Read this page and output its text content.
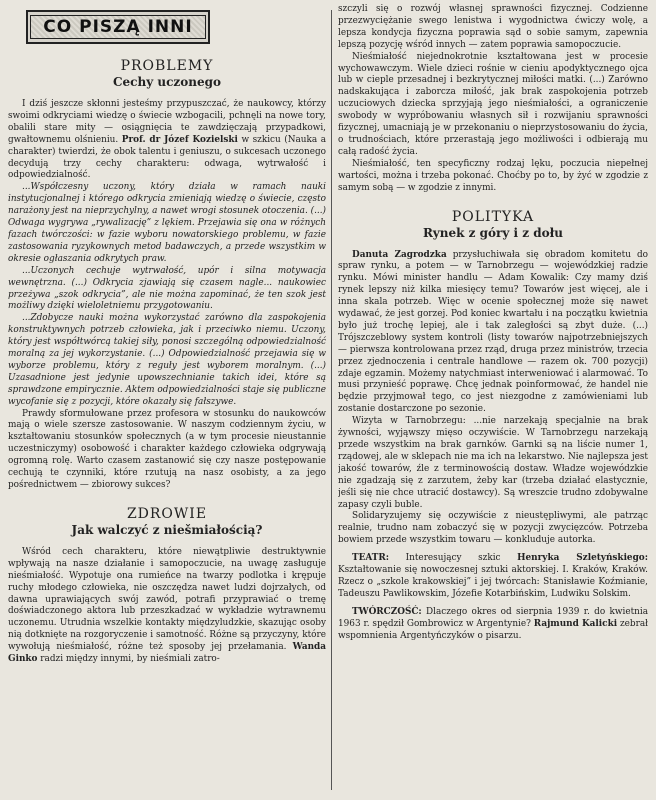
CO PISZĄ INNI
PROBLEMY
Cechy uczonego

I dziś jeszcze skłonni jesteśmy przypuszczać, że naukowcy, którzy swoimi odkryciami wiedzę o świecie wzbogacili, pchnęli na nowe tory, obalili stare mity — osiągnięcia te zawdzięczają przypadkowi, gwałtownemu olśnieniu. Prof. dr Józef Kozielski w szkicu (Nauka a charakter) twierdzi, że obok talentu i geniuszu, o sukcesach uczonego decydują trzy cechy charakteru: odwaga, wytrwałość i odpowiedzialność.

...Współczesny uczony, który działa w ramach nauki instytucjonalnej i którego odkrycia zmieniają wiedzę o świecie, często narażony jest na nieprzychylny, a nawet wrogi stosunek otoczenia. (...) Odwaga wygrywa „rywalizację” z lękiem. Przejawia się ona w różnych fazach twórczości: w fazie wyboru nowatorskiego problemu, w fazie zastosowania ryzykownych metod badawczych, a przede wszystkim w okresie ogłaszania odkrytych praw.

...Uczonych cechuje wytrwałość, upór i silna motywacja wewnętrzna. (...) Odkrycia zjawiają się czasem nagle... naukowiec przeżywa „szok odkrycia”, ale nie można zapominać, że ten szok jest możliwy dzięki wieloletniemu przygotowaniu.

...Zdobycze nauki można wykorzystać zarówno dla zaspokojenia konstruktywnych potrzeb człowieka, jak i przeciwko niemu. Uczony, który jest współtwórcą takiej siły, ponosi szczególną odpowiedzialność moralną za jej wykorzystanie. (...) Odpowiedzialność przejawia się w wyborze problemu, który z reguły jest wyborem moralnym. (...) Uzasadnione jest jedynie upowszechnianie takich idei, które są sprawdzone empirycznie. Aktem odpowiedzialności staje się publiczne wycofanie się z pozycji, które okazały się fałszywe.

Prawdy sformułowane przez profesora w stosunku do naukowców mają o wiele szersze zastosowanie. W naszym codziennym życiu, w kształtowaniu stosunków społecznych (a w tym procesie nieustannie uczestniczymy) osobowość i charakter każdego człowieka odgrywają ogromną rolę. Warto czasem zastanowić się czy nasze postępowanie cechują te czynniki, które rzutują na nasz osobisty, a za jego pośrednictwem — zbiorowy sukces?

ZDROWIE
Jak walczyć z niešmiałością?

Wśród cech charakteru, które niewątpliwie destruktywnie wpływają na nasze działanie i samopoczucie, na uwagę zasługuje nieśmiałość. Wypotuje ona rumieńce na twarzy podlotka i krępuje ruchy młodego człowieka, nie oszczędza nawet ludzi dojrzałych, od dawna uprawiających swój zawód, potrafi przyprawiać o tremę doświadczonego aktora lub przeszkadzać w wykładzie wytrawnemu uczonemu. Utrudnia wszelkie kontakty międzyludzkie, skazując osoby nią dotknięte na rozgoryczenie i samotność. Różne są przyczyny, które wywołują nieśmiałość, różne też sposoby jej przełamania. Wanda Ginko radzi między innymi, by nieśmiali zatro-

szczyli się o rozwój własnej sprawności fizycznej. Codzienne przezwyciężanie swego lenistwa i wygodnictwa ćwiczy wolę, a lepsza kondycja fizyczna poprawia sąd o sobie samym, zapewnia lepszą pozycję wśród innych — zatem poprawia samopoczucie.

Nieśmiałość niejednokrotnie kształtowana jest w procesie wychowawczym. Wiele dzieci rośnie w cieniu apodyktycznego ojca lub w cieple przesadnej i bezkrytycznej miłości matki. (...) Zarówno nadskakująca i zaborcza miłość, jak brak zaspokojenia potrzeb uczuciowych dziecka sprzyjają jego nieśmiałości, a ograniczenie swobody w wypróbowaniu własnych sił i rozwijaniu sprawności fizycznej, umacniają je w przekonaniu o nieprzystosowaniu do życia, o trudnościach, które przerastają jego możliwości i odbierają mu całą radość życia.

Nieśmiałość, ten specyficzny rodzaj lęku, poczucia niepełnej wartości, można i trzeba pokonać. Choćby po to, by żyć w zgodzie z samym sobą — w zgodzie z innymi.

POLITYKA
Rynek z góry i z dołu

Danuta Zagrodzka przysłuchiwała się obradom komitetu do spraw rynku, a potem — w Tarnobrzegu — wojewódzkiej radzie rynku. Mówi minister handlu — Adam Kowalik: Czy mamy dziś rynek lepszy niż kilka miesięcy temu? Towarów jest więcej, ale i inna skala potrzeb. Więc w ocenie społecznej może się nawet wydawać, że jest gorzej. Pod koniec kwartału i na początku kwietnia było już trochę lepiej, ale i tak zaległości są zbyt duże. (...) Trójszczeblowy system kontroli (listy towarów najpotrzebniejszych — pierwsza kontrolowana przez rząd, druga przez ministrów, trzecia przez zjednoczenia i centrale handlowe — razem ok. 700 pozycji) zdaje egzamin. Możemy natychmiast interweniować i alarmować. To musi przynieść poprawę. Chcę jednak poinformować, że handel nie będzie przyjmował tego, co jest niezgodne z zamówieniami lub zostanie dostarczone po sezonie.

Wizyta w Tarnobrzegu: ...nie narzekają specjalnie na brak żywności, wyjąwszy mięso oczywiście. W Tarnobrzegu narzekają przede wszystkim na brak garnków. Garnki są na liście numer 1, rządowej, ale w sklepach nie ma ich na lekarstwo. Nie najlepsza jest jakość towarów, źle z terminowością dostaw. Władze wojewódzkie nie zgadzają się z zarzutem, żeby kar (trzeba działać elastycznie, jeśli się nie chce utracić dostawcy). Są wreszcie trudno zdobywalne zapasy czyli buble.

Solidaryzujemy się oczywiście z nieustępliwymi, ale patrząc realnie, trudno nam zobaczyć się w pozycji zwycięzców. Potrzeba bowiem przede wszystkim towaru — konkluduje autorka.

TEATR: Interesujący szkic Henryka Szletyńskiego: Kształtowanie się nowoczesnej sztuki aktorskiej. I. Kraków, Kraków. Rzecz o „szkole krakowskiej” i jej twórcach: Stanisławie Koźmianie, Tadeuszu Pawlikowskim, Józefie Kotarbińskim, Ludwiku Solskim.

TWÓRCZOŚĆ: Dlaczego okres od sierpnia 1939 r. do kwietnia 1963 r. spędził Gombrowicz w Argentynie? Rajmund Kalicki zebrał wspomnienia Argentyńczyków o pisarzu.
